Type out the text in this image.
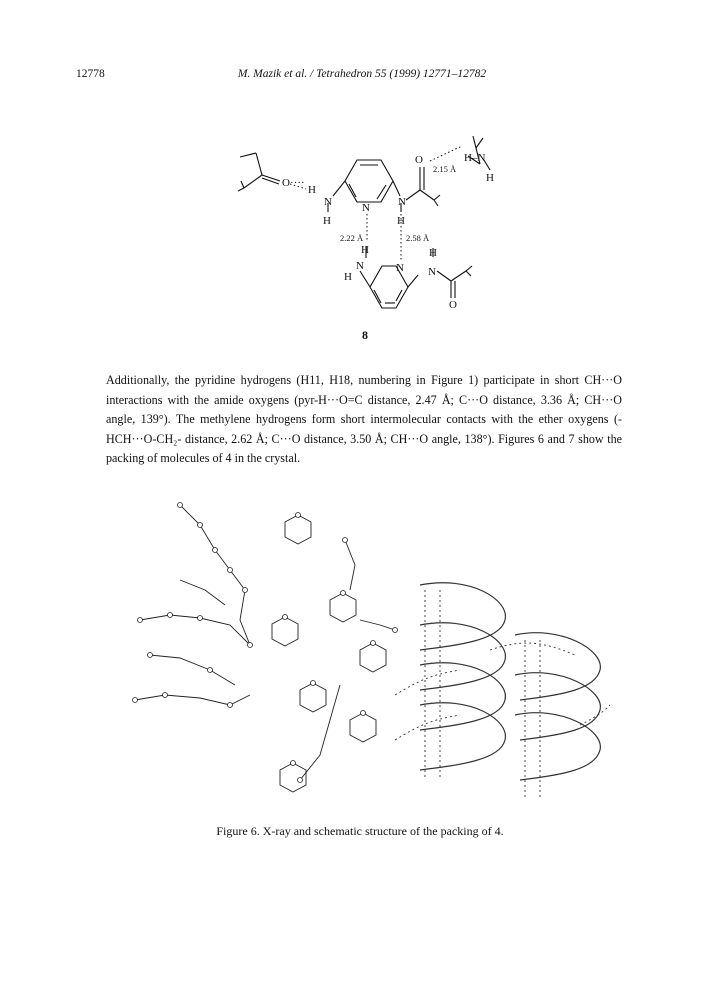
12778	M. Mazik et al. / Tetrahedron 55 (1999) 12771–12782
O····
H
N
H
N	N
H
O	H–N
H
H
H
N	N
H
N
O
2.15 Å
2.22 Å	2.58 Å
8

Additionally, the pyridine hydrogens (H11, H18, numbering in Figure 1) participate in short CH···O interactions with the amide oxygens (pyr-H···O=C distance, 2.47 Å; C···O distance, 3.36 Å; CH···O angle, 139°). The methylene hydrogens form short intermolecular contacts with the ether oxygens (-HCH···O-CH₂- distance, 2.62 Å; C···O distance, 3.50 Å; CH···O angle, 138°). Figures 6 and 7 show the packing of molecules of 4 in the crystal.

Figure 6. X-ray and schematic structure of the packing of 4.
